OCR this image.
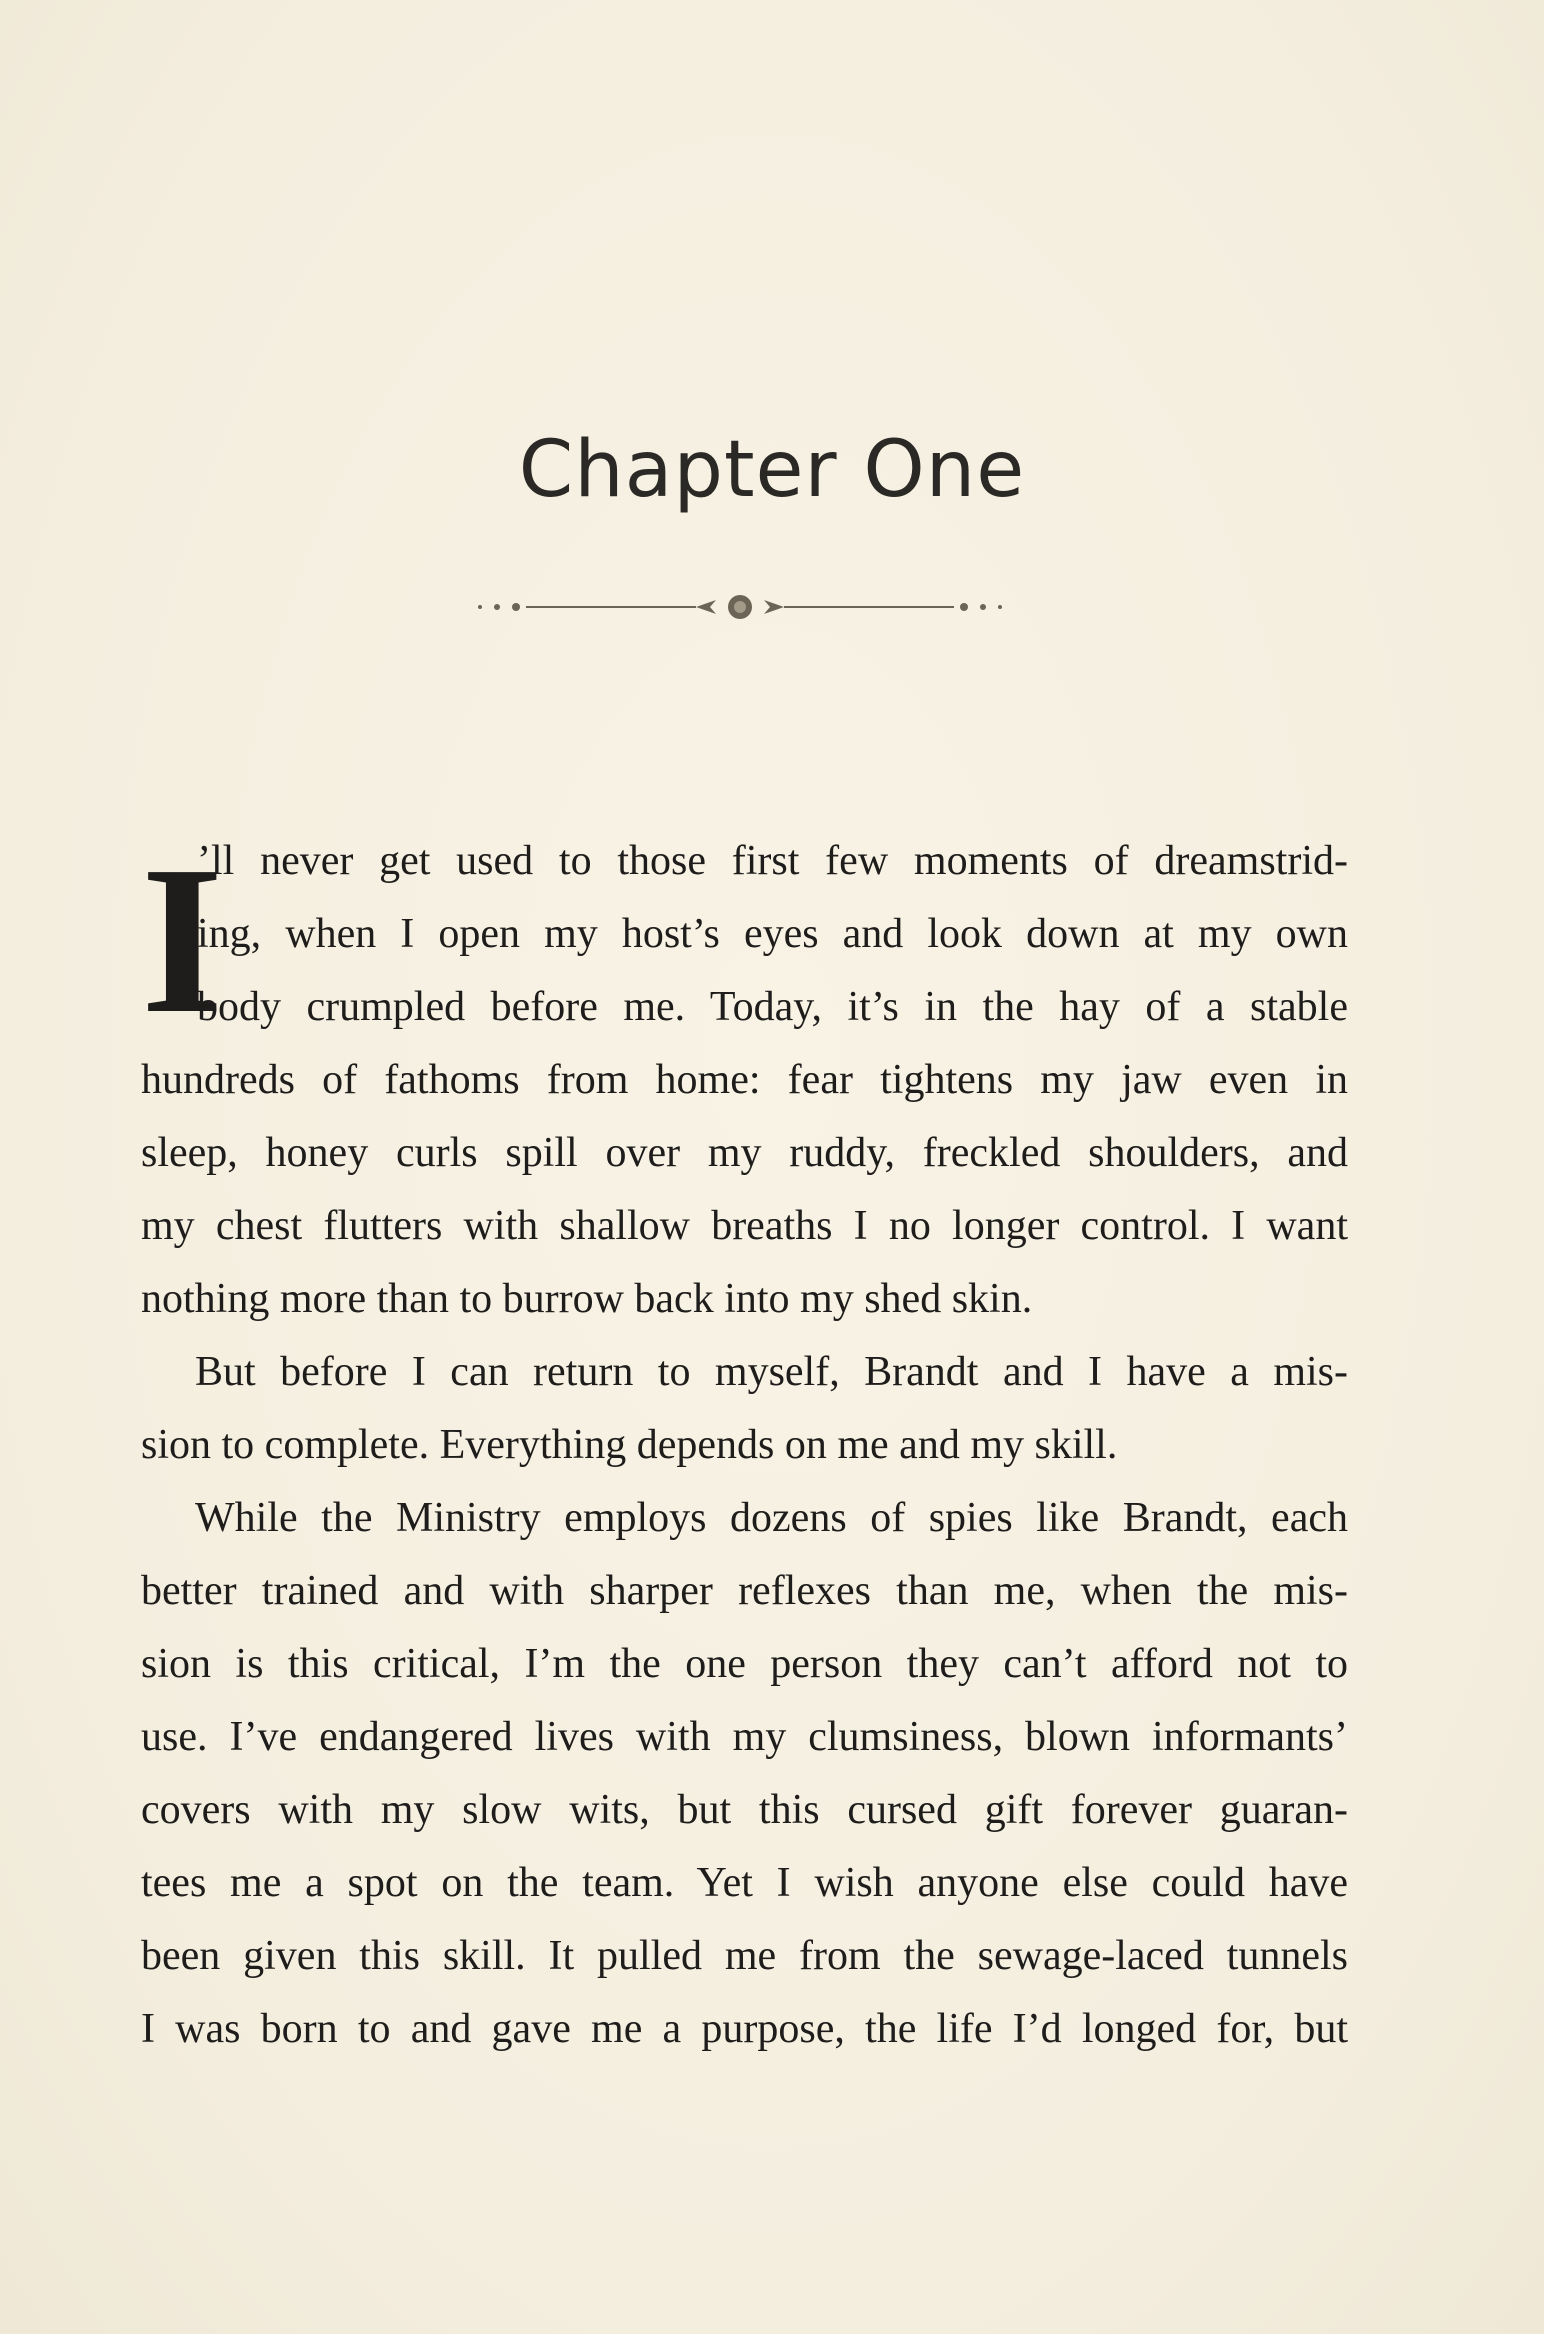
Chapter One
I
’ll never get used to those first few moments of dreamstrid-
ing, when I open my host’s eyes and look down at my own
body crumpled before me. Today, it’s in the hay of a stable
hundreds of fathoms from home: fear tightens my jaw even in
sleep, honey curls spill over my ruddy, freckled shoulders, and
my chest flutters with shallow breaths I no longer control. I want
nothing more than to burrow back into my shed skin.
But before I can return to myself, Brandt and I have a mis-
sion to complete. Everything depends on me and my skill.
While the Ministry employs dozens of spies like Brandt, each
better trained and with sharper reflexes than me, when the mis-
sion is this critical, I’m the one person they can’t afford not to
use. I’ve endangered lives with my clumsiness, blown informants’
covers with my slow wits, but this cursed gift forever guaran-
tees me a spot on the team. Yet I wish anyone else could have
been given this skill. It pulled me from the sewage-laced tunnels
I was born to and gave me a purpose, the life I’d longed for, but
